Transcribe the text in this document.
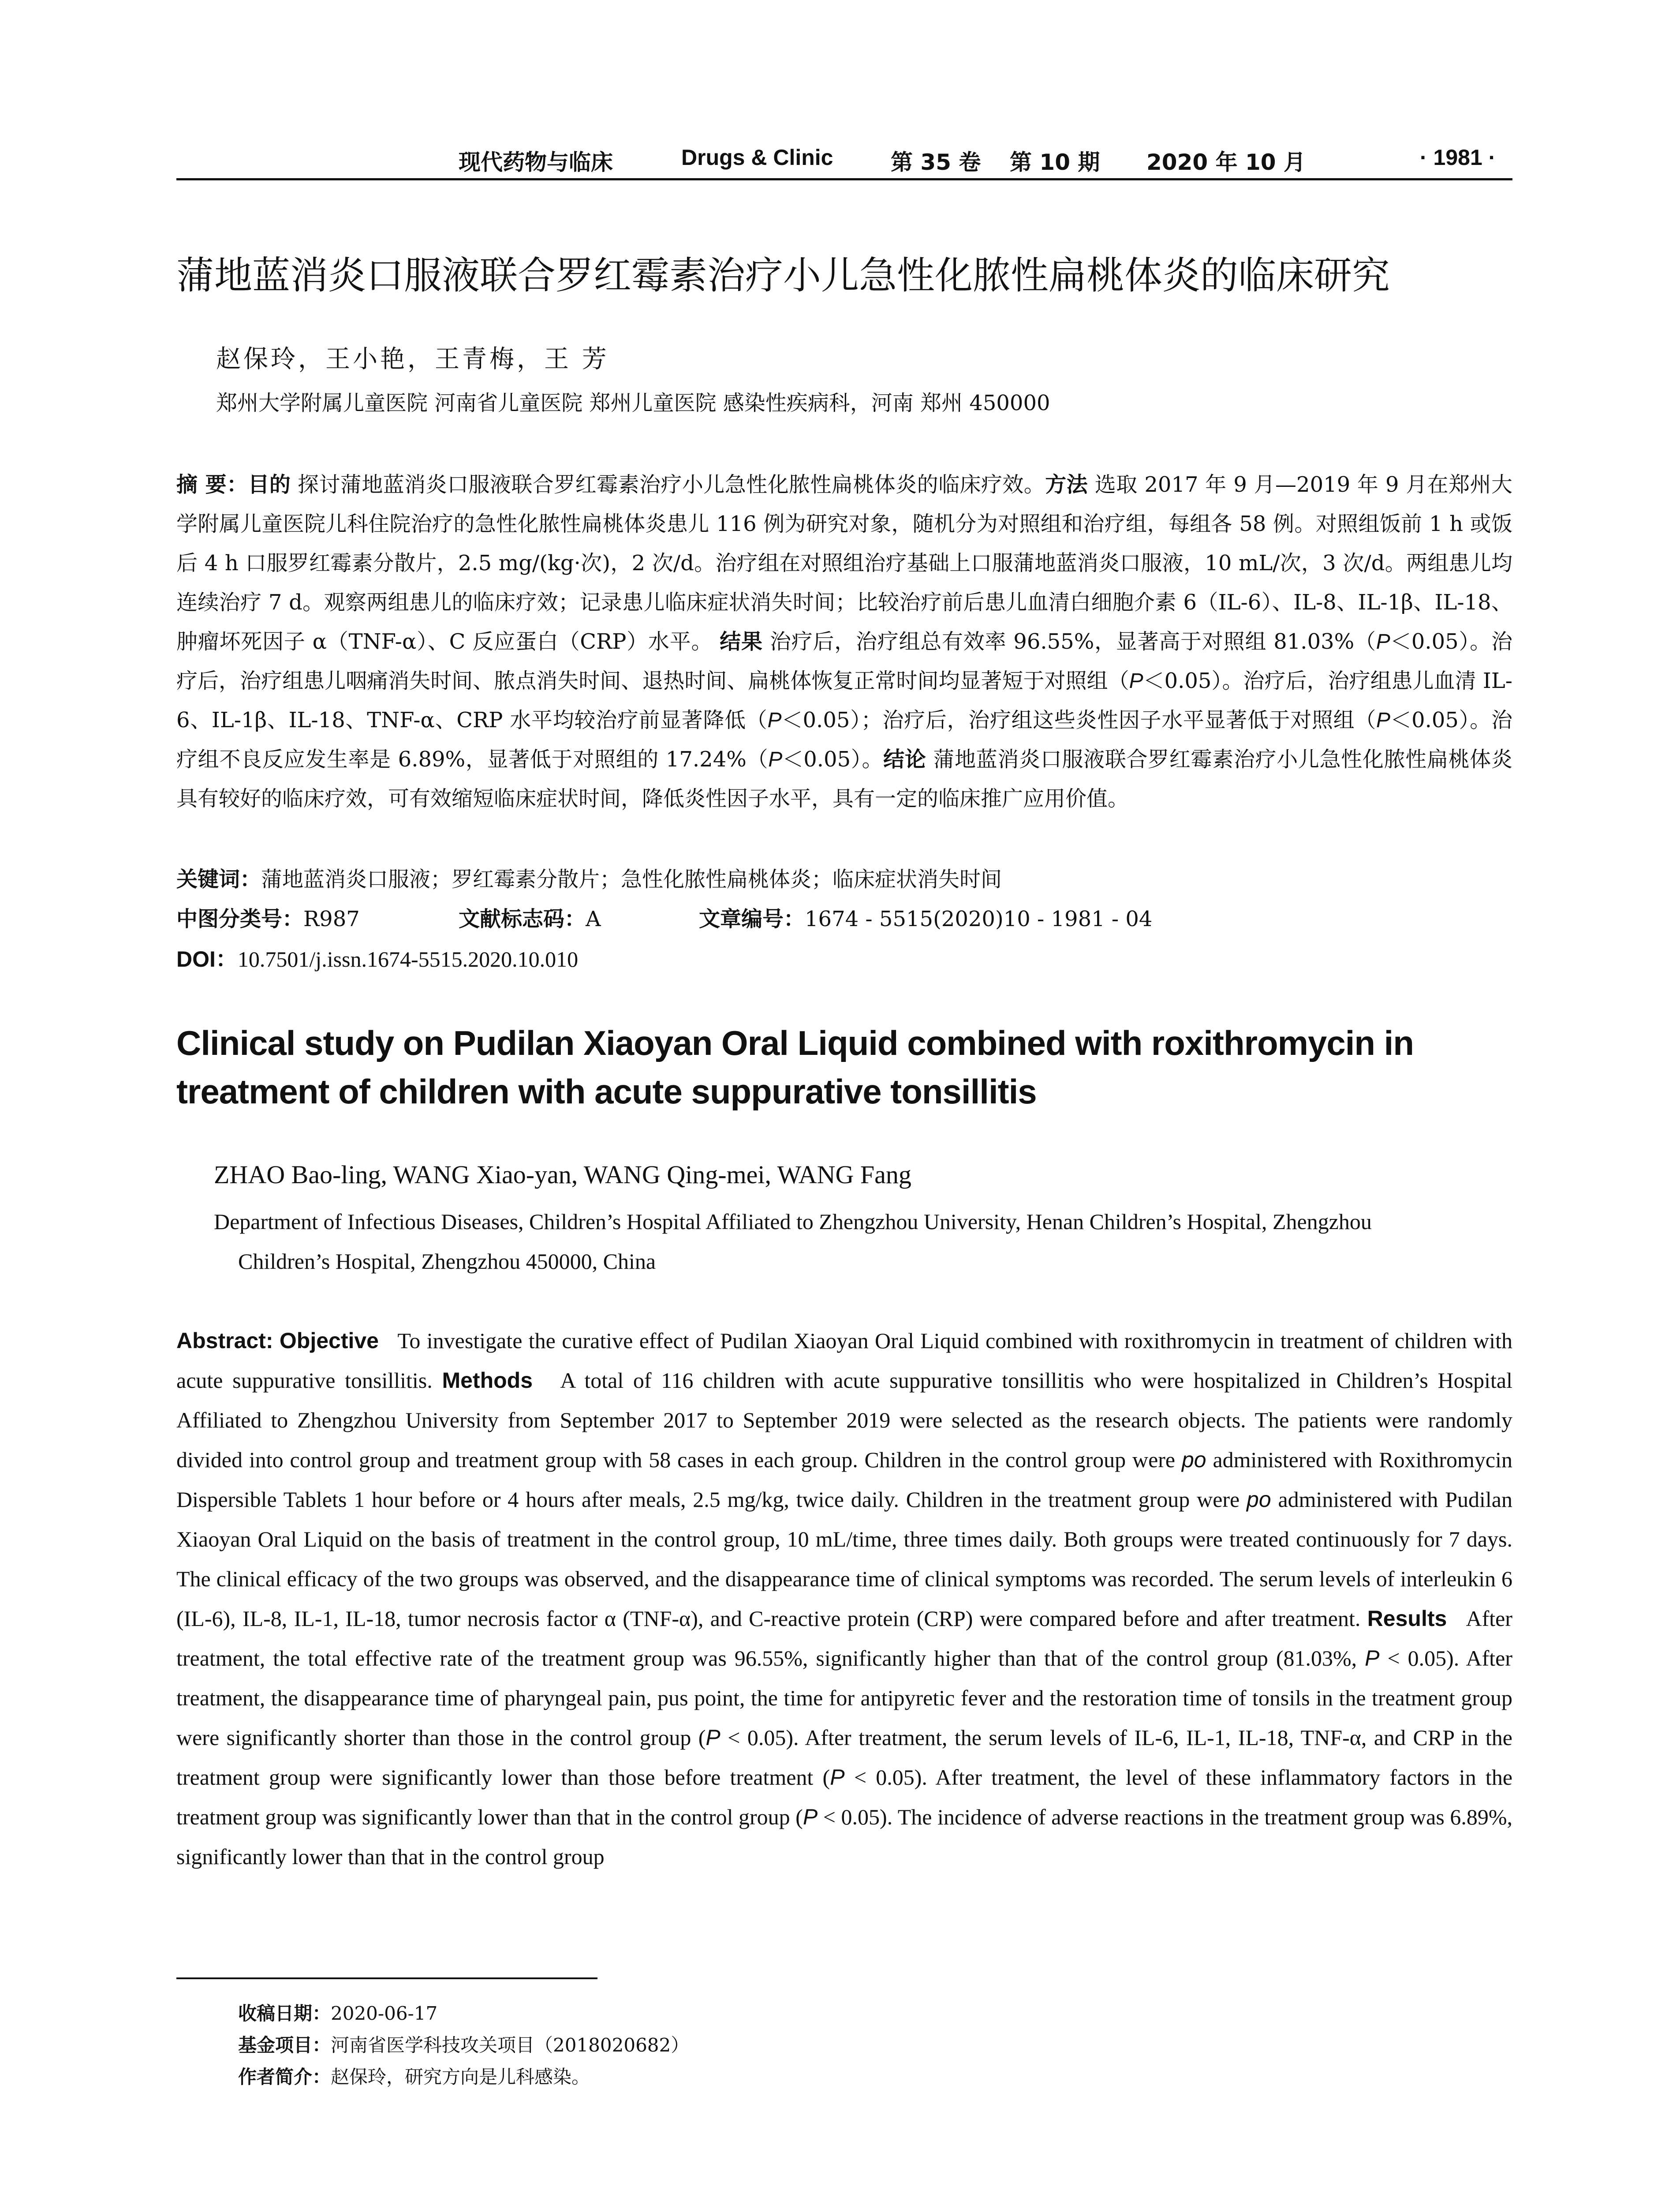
现代药物与临床	Drugs & Clinic	第 35 卷 第 10 期 2020 年 10 月	· 1981 ·
蒲地蓝消炎口服液联合罗红霉素治疗小儿急性化脓性扁桃体炎的临床研究
赵保玲，王小艳，王青梅，王 芳
郑州大学附属儿童医院 河南省儿童医院 郑州儿童医院 感染性疾病科，河南 郑州 450000
摘 要：目的 探讨蒲地蓝消炎口服液联合罗红霉素治疗小儿急性化脓性扁桃体炎的临床疗效。方法 选取 2017 年 9 月—2019 年 9 月在郑州大学附属儿童医院儿科住院治疗的急性化脓性扁桃体炎患儿 116 例为研究对象，随机分为对照组和治疗组，每组各 58 例。对照组饭前 1 h 或饭后 4 h 口服罗红霉素分散片，2.5 mg/(kg·次)，2 次/d。治疗组在对照组治疗基础上口服蒲地蓝消炎口服液，10 mL/次，3 次/d。两组患儿均连续治疗 7 d。观察两组患儿的临床疗效；记录患儿临床症状消失时间；比较治疗前后患儿血清白细胞介素 6（IL-6）、IL-8、IL-1β、IL-18、肿瘤坏死因子 α（TNF-α）、C 反应蛋白（CRP）水平。 结果 治疗后，治疗组总有效率 96.55%，显著高于对照组 81.03%（P＜0.05）。治疗后，治疗组患儿咽痛消失时间、脓点消失时间、退热时间、扁桃体恢复正常时间均显著短于对照组（P＜0.05）。治疗后，治疗组患儿血清 IL-6、IL-1β、IL-18、TNF-α、CRP 水平均较治疗前显著降低（P＜0.05）；治疗后，治疗组这些炎性因子水平显著低于对照组（P＜0.05）。治疗组不良反应发生率是 6.89%，显著低于对照组的 17.24%（P＜0.05）。结论 蒲地蓝消炎口服液联合罗红霉素治疗小儿急性化脓性扁桃体炎具有较好的临床疗效，可有效缩短临床症状时间，降低炎性因子水平，具有一定的临床推广应用价值。
关键词：蒲地蓝消炎口服液；罗红霉素分散片；急性化脓性扁桃体炎；临床症状消失时间
中图分类号：R987	文献标志码：A	文章编号：1674 - 5515(2020)10 - 1981 - 04
DOI：10.7501/j.issn.1674-5515.2020.10.010
Clinical study on Pudilan Xiaoyan Oral Liquid combined with roxithromycin in treatment of children with acute suppurative tonsillitis
ZHAO Bao-ling, WANG Xiao-yan, WANG Qing-mei, WANG Fang
Department of Infectious Diseases, Children’s Hospital Affiliated to Zhengzhou University, Henan Children’s Hospital, Zhengzhou
Children’s Hospital, Zhengzhou 450000, China
Abstract: Objective To investigate the curative effect of Pudilan Xiaoyan Oral Liquid combined with roxithromycin in treatment of children with acute suppurative tonsillitis. Methods A total of 116 children with acute suppurative tonsillitis who were hospitalized in Children’s Hospital Affiliated to Zhengzhou University from September 2017 to September 2019 were selected as the research objects. The patients were randomly divided into control group and treatment group with 58 cases in each group. Children in the control group were po administered with Roxithromycin Dispersible Tablets 1 hour before or 4 hours after meals, 2.5 mg/kg, twice daily. Children in the treatment group were po administered with Pudilan Xiaoyan Oral Liquid on the basis of treatment in the control group, 10 mL/time, three times daily. Both groups were treated continuously for 7 days. The clinical efficacy of the two groups was observed, and the disappearance time of clinical symptoms was recorded. The serum levels of interleukin 6 (IL-6), IL-8, IL-1, IL-18, tumor necrosis factor α (TNF-α), and C-reactive protein (CRP) were compared before and after treatment. Results After treatment, the total effective rate of the treatment group was 96.55%, significantly higher than that of the control group (81.03%, P < 0.05). After treatment, the disappearance time of pharyngeal pain, pus point, the time for antipyretic fever and the restoration time of tonsils in the treatment group were significantly shorter than those in the control group (P < 0.05). After treatment, the serum levels of IL-6, IL-1, IL-18, TNF-α, and CRP in the treatment group were significantly lower than those before treatment (P < 0.05). After treatment, the level of these inflammatory factors in the treatment group was significantly lower than that in the control group (P < 0.05). The incidence of adverse reactions in the treatment group was 6.89%, significantly lower than that in the control group
收稿日期：2020-06-17
基金项目：河南省医学科技攻关项目（2018020682）
作者简介：赵保玲，研究方向是儿科感染。
